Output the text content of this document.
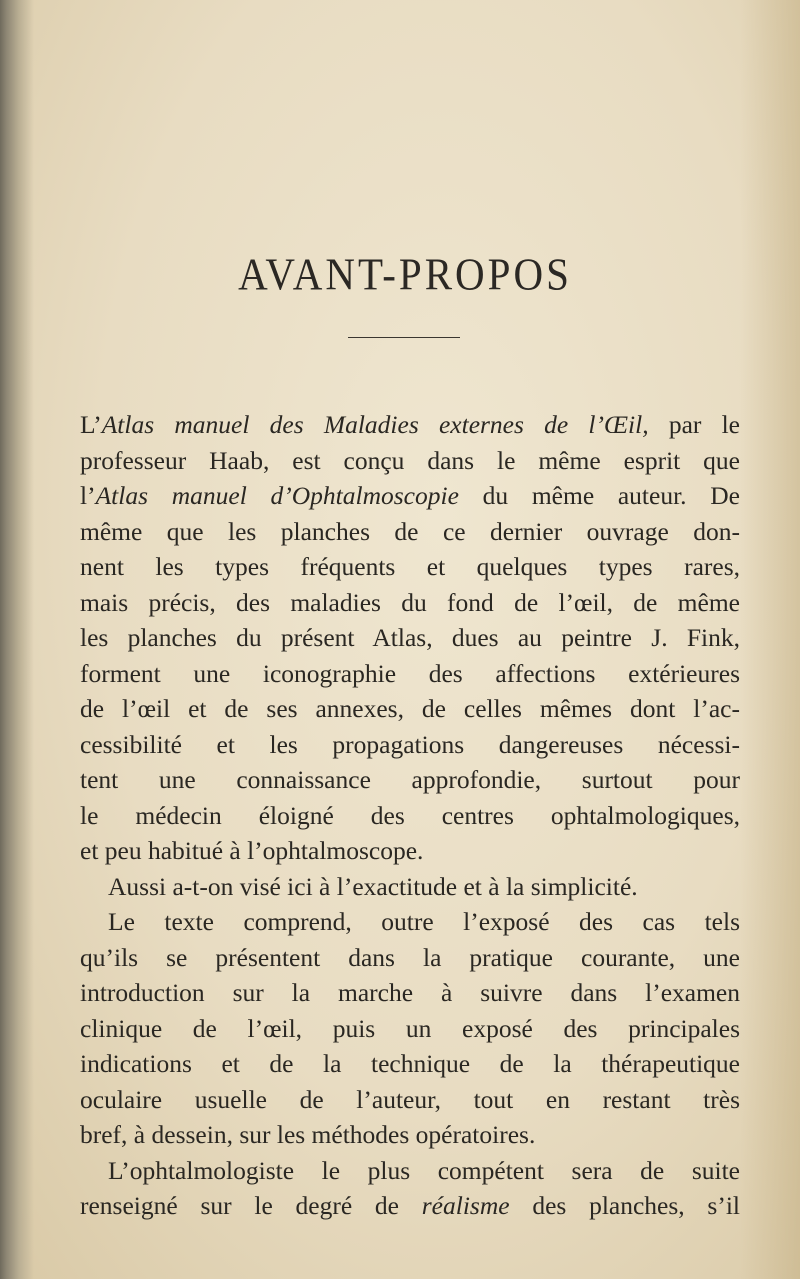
AVANT-PROPOS
L’Atlas manuel des Maladies externes de l’Œil, par le
professeur Haab, est conçu dans le même esprit que
l’Atlas manuel d’Ophtalmoscopie du même auteur. De
même que les planches de ce dernier ouvrage don-
nent les types fréquents et quelques types rares,
mais précis, des maladies du fond de l’œil, de même
les planches du présent Atlas, dues au peintre J. Fink,
forment une iconographie des affections extérieures
de l’œil et de ses annexes, de celles mêmes dont l’ac-
cessibilité et les propagations dangereuses nécessi-
tent une connaissance approfondie, surtout pour
le médecin éloigné des centres ophtalmologiques,
et peu habitué à l’ophtalmoscope.
Aussi a-t-on visé ici à l’exactitude et à la simplicité.
Le texte comprend, outre l’exposé des cas tels
qu’ils se présentent dans la pratique courante, une
introduction sur la marche à suivre dans l’examen
clinique de l’œil, puis un exposé des principales
indications et de la technique de la thérapeutique
oculaire usuelle de l’auteur, tout en restant très
bref, à dessein, sur les méthodes opératoires.
L’ophtalmologiste le plus compétent sera de suite
renseigné sur le degré de réalisme des planches, s’il
